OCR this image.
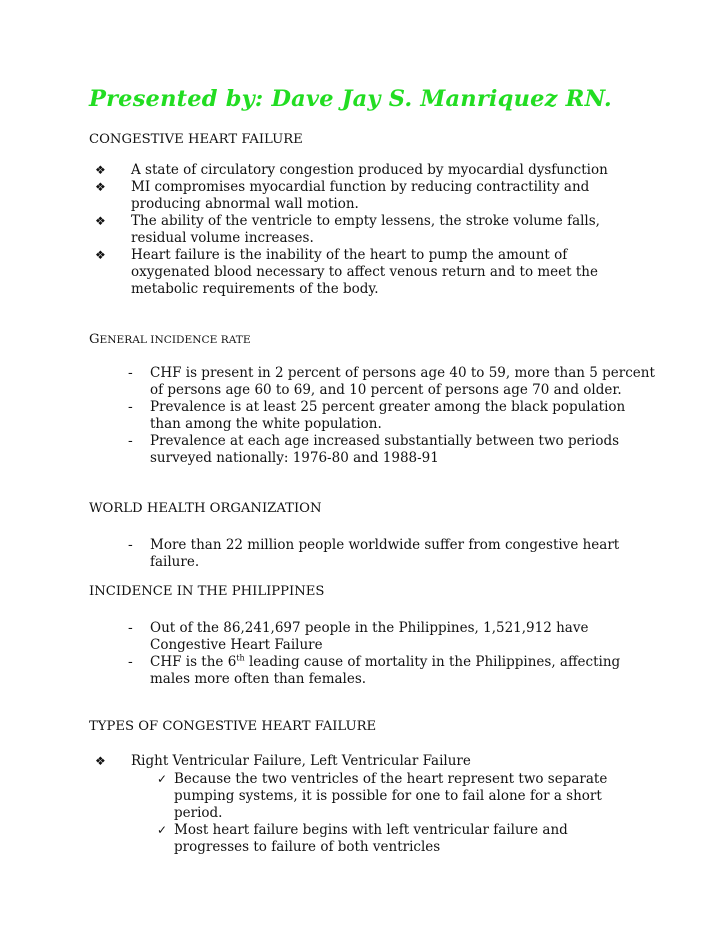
Presented by: Dave Jay S. Manriquez RN.

CONGESTIVE HEART FAILURE

❖ A state of circulatory congestion produced by myocardial dysfunction
❖ MI compromises myocardial function by reducing contractility and producing abnormal wall motion.
❖ The ability of the ventricle to empty lessens, the stroke volume falls, residual volume increases.
❖ Heart failure is the inability of the heart to pump the amount of oxygenated blood necessary to affect venous return and to meet the metabolic requirements of the body.

GENERAL INCIDENCE RATE

- CHF is present in 2 percent of persons age 40 to 59, more than 5 percent of persons age 60 to 69, and 10 percent of persons age 70 and older.
- Prevalence is at least 25 percent greater among the black population than among the white population.
- Prevalence at each age increased substantially between two periods surveyed nationally: 1976-80 and 1988-91

WORLD HEALTH ORGANIZATION

- More than 22 million people worldwide suffer from congestive heart failure.

INCIDENCE IN THE PHILIPPINES

- Out of the 86,241,697 people in the Philippines, 1,521,912 have Congestive Heart Failure
- CHF is the 6th leading cause of mortality in the Philippines, affecting males more often than females.

TYPES OF CONGESTIVE HEART FAILURE

❖ Right Ventricular Failure, Left Ventricular Failure
✓ Because the two ventricles of the heart represent two separate pumping systems, it is possible for one to fail alone for a short period.
✓ Most heart failure begins with left ventricular failure and progresses to failure of both ventricles
